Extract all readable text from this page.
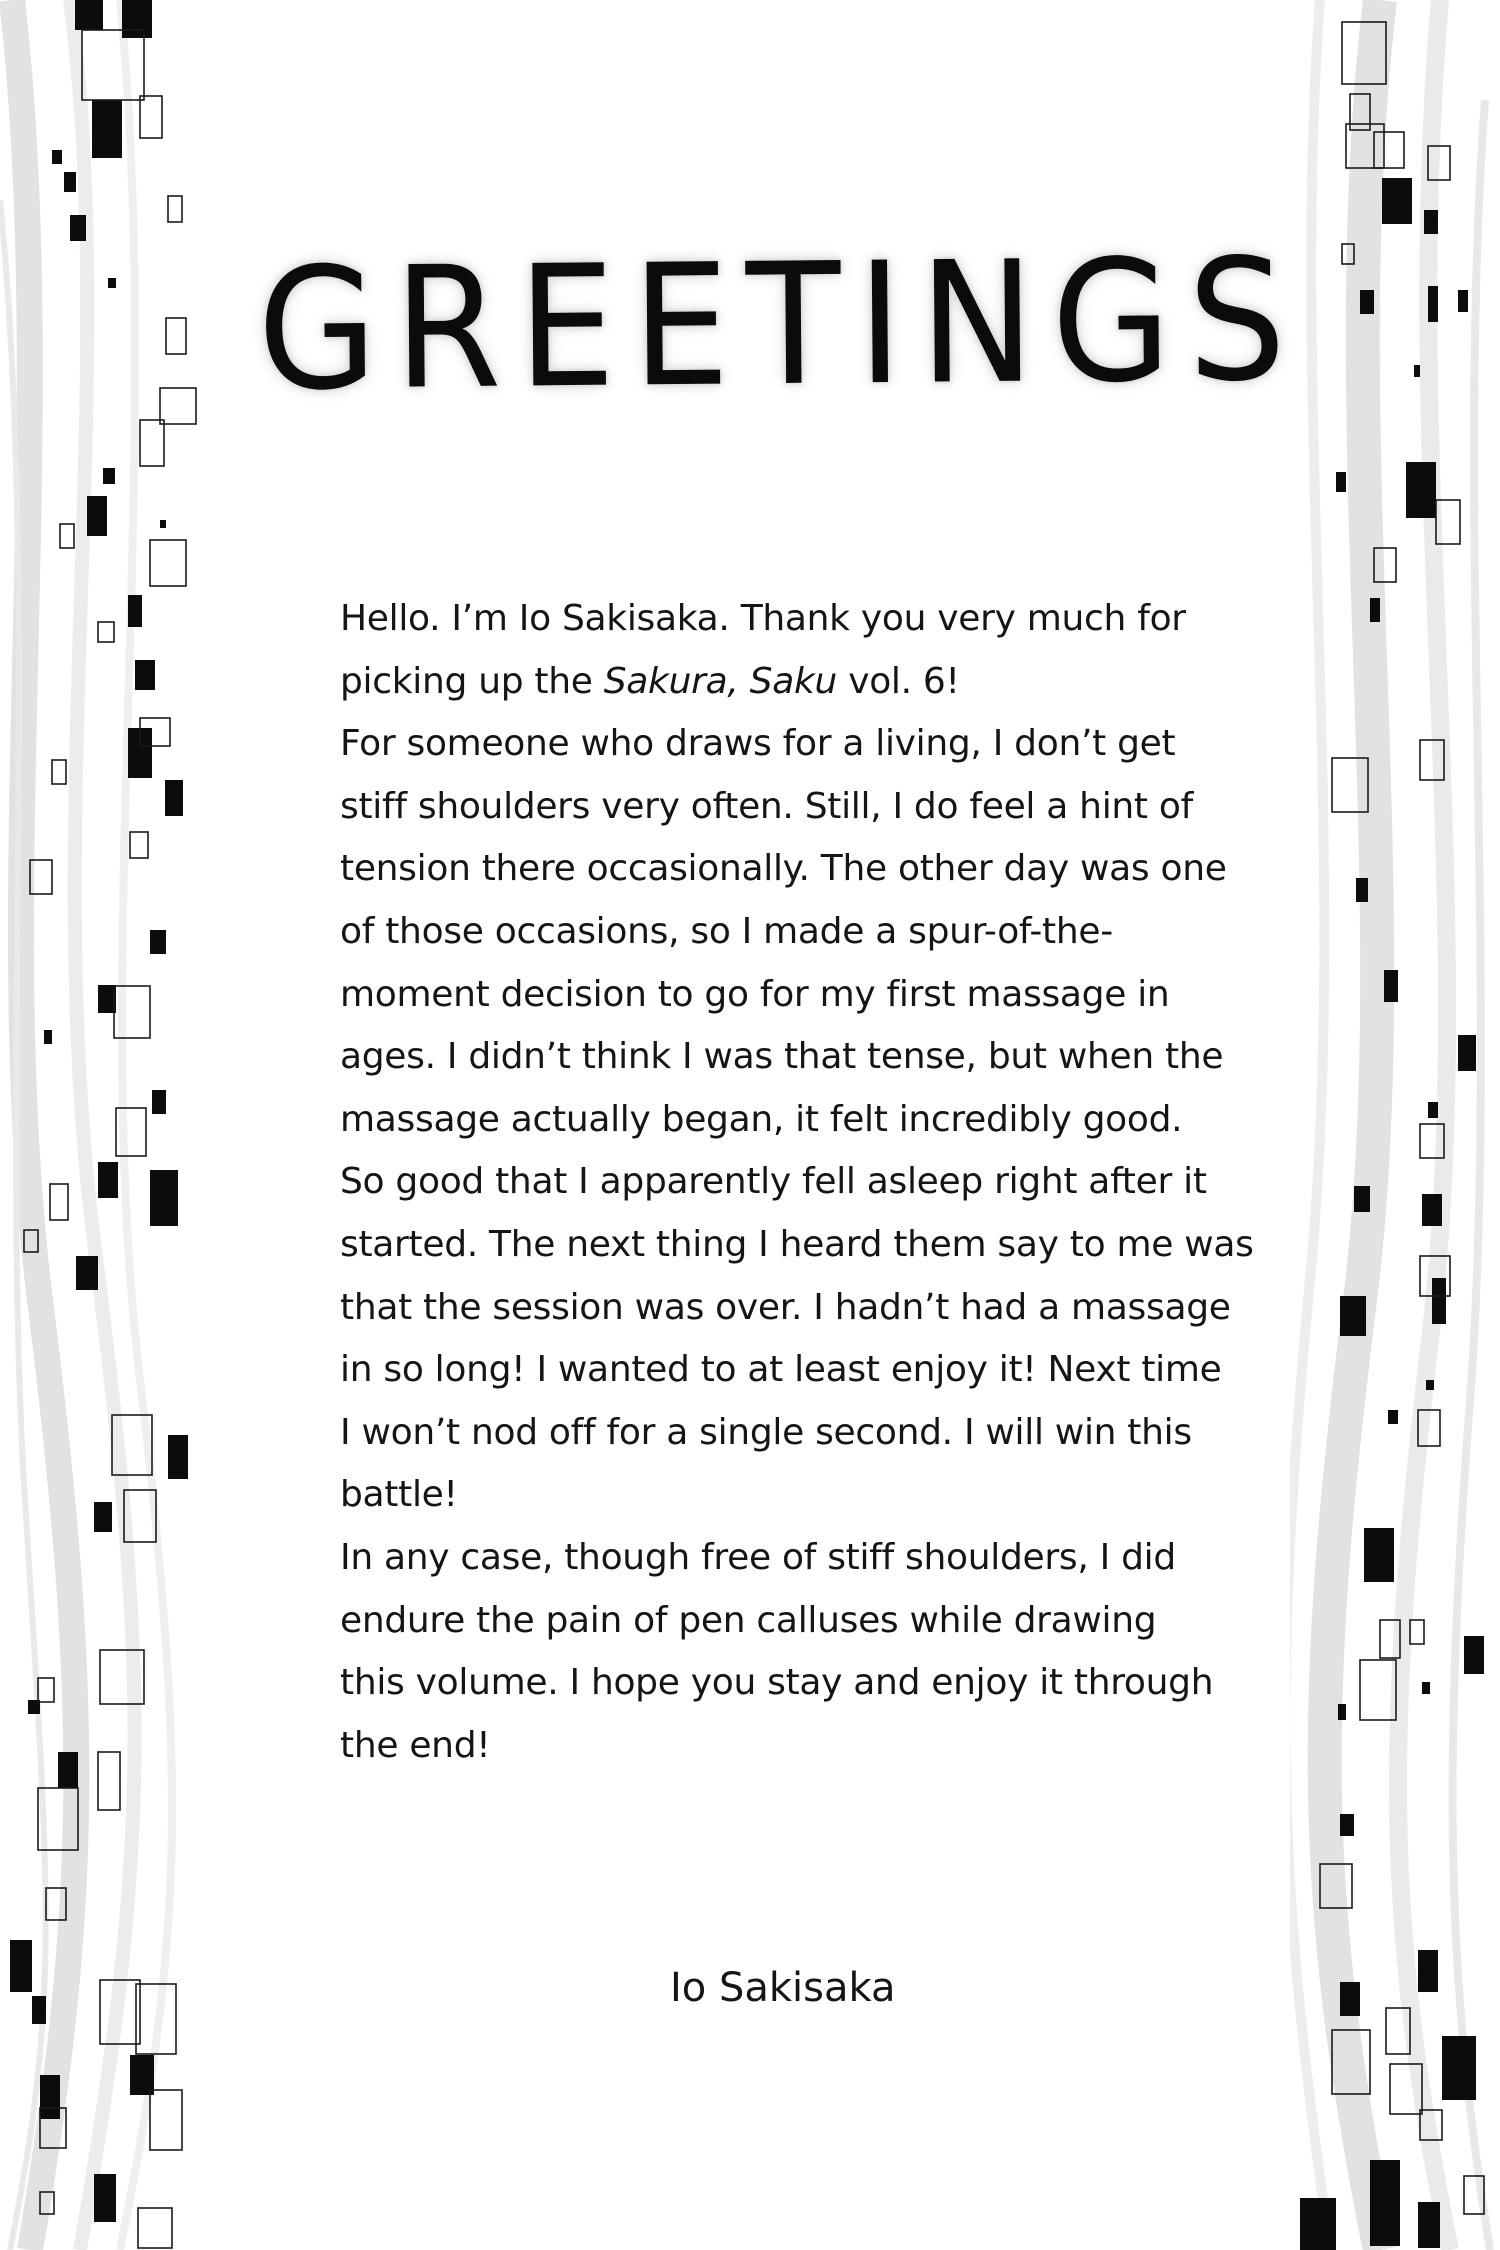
GREETINGS

Hello. I’m Io Sakisaka. Thank you very much for

picking up the Sakura, Saku vol. 6!

For someone who draws for a living, I don’t get

stiff shoulders very often. Still, I do feel a hint of

tension there occasionally. The other day was one

of those occasions, so I made a spur-of-the-

moment decision to go for my first massage in

ages. I didn’t think I was that tense, but when the

massage actually began, it felt incredibly good.

So good that I apparently fell asleep right after it

started. The next thing I heard them say to me was

that the session was over. I hadn’t had a massage

in so long! I wanted to at least enjoy it! Next time

I won’t nod off for a single second. I will win this

battle!

In any case, though free of stiff shoulders, I did

endure the pain of pen calluses while drawing

this volume. I hope you stay and enjoy it through

the end!

Io Sakisaka
